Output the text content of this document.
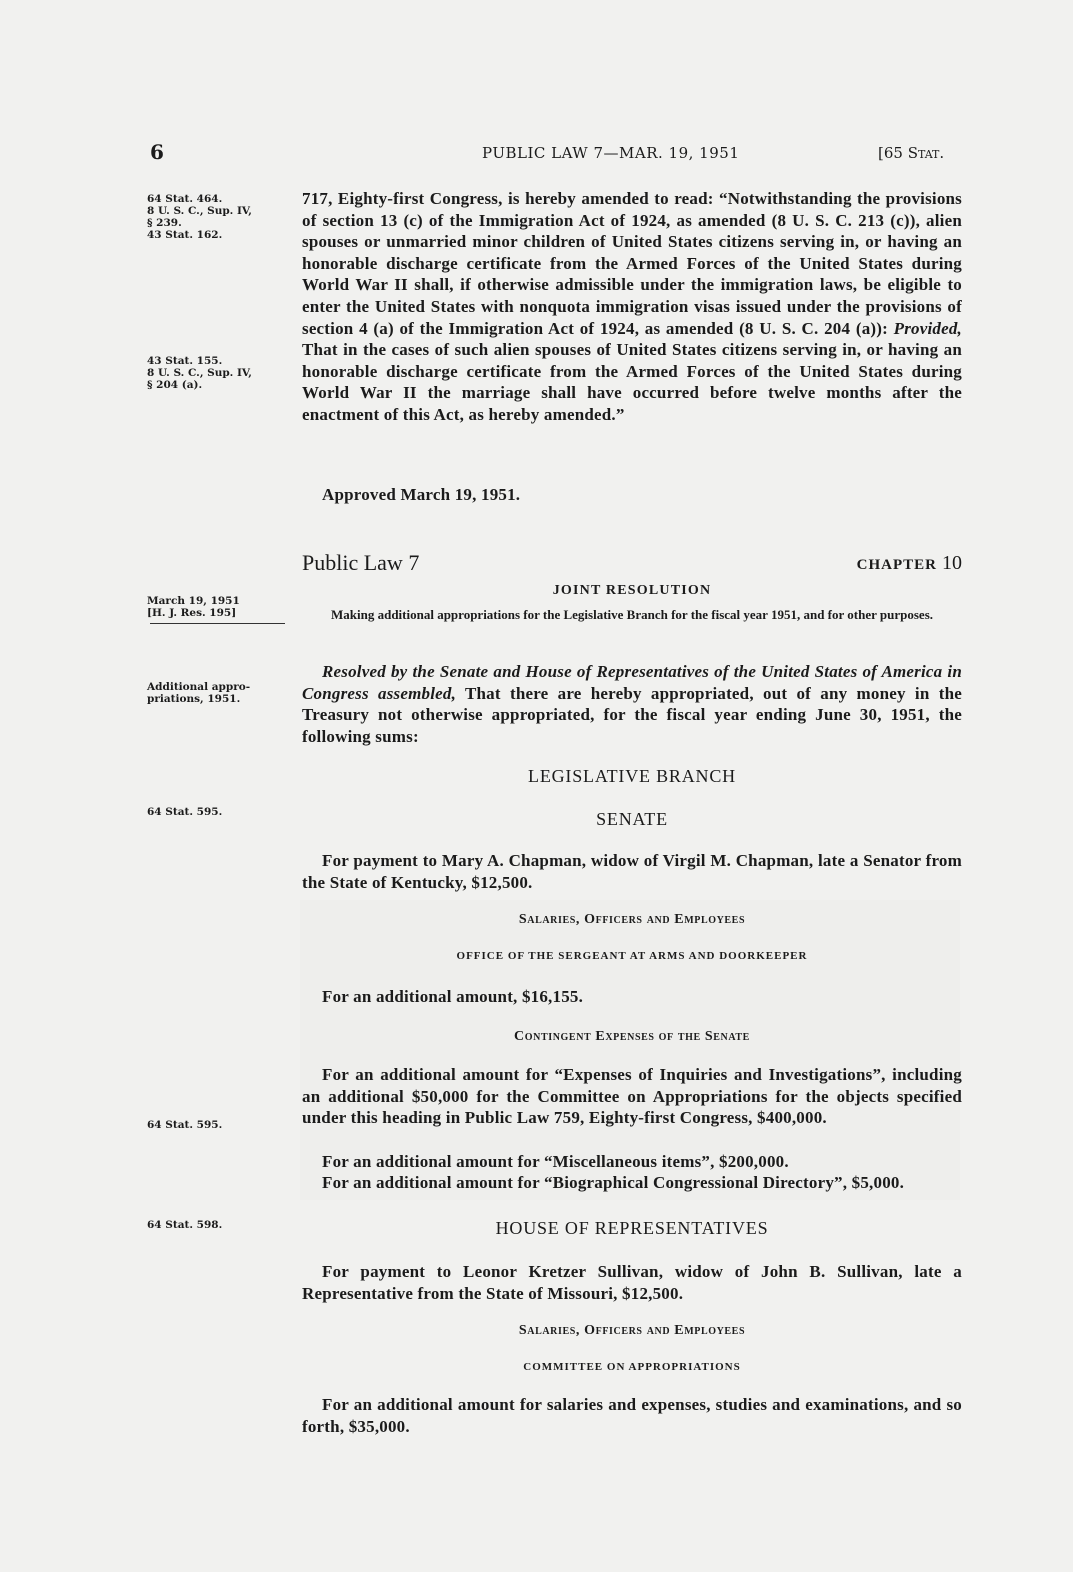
6	PUBLIC LAW 7—MAR. 19, 1951	[65 Stat.
64 Stat. 464.
8 U. S. C., Sup. IV,
§ 239.
43 Stat. 162.
43 Stat. 155.
8 U. S. C., Sup. IV,
§ 204 (a).
March 19, 1951
[H. J. Res. 195]
Additional appro-
priations, 1951.
64 Stat. 595.
64 Stat. 595.
64 Stat. 598.
717, Eighty-first Congress, is hereby amended to read: “Notwithstanding the provisions of section 13 (c) of the Immigration Act of 1924, as amended (8 U. S. C. 213 (c)), alien spouses or unmarried minor children of United States citizens serving in, or having an honorable discharge certificate from the Armed Forces of the United States during World War II shall, if otherwise admissible under the immigration laws, be eligible to enter the United States with nonquota immigration visas issued under the provisions of section 4 (a) of the Immigration Act of 1924, as amended (8 U. S. C. 204 (a)): Provided, That in the cases of such alien spouses of United States citizens serving in, or having an honorable discharge certificate from the Armed Forces of the United States during World War II the marriage shall have occurred before twelve months after the enactment of this Act, as hereby amended.”
Approved March 19, 1951.
Public Law 7	CHAPTER 10
JOINT RESOLUTION
Making additional appropriations for the Legislative Branch for the fiscal year 1951, and for other purposes.
Resolved by the Senate and House of Representatives of the United States of America in Congress assembled, That there are hereby appropriated, out of any money in the Treasury not otherwise appropriated, for the fiscal year ending June 30, 1951, the following sums:
LEGISLATIVE BRANCH
SENATE
For payment to Mary A. Chapman, widow of Virgil M. Chapman, late a Senator from the State of Kentucky, $12,500.
Salaries, Officers and Employees
OFFICE OF THE SERGEANT AT ARMS AND DOORKEEPER
For an additional amount, $16,155.
Contingent Expenses of the Senate
For an additional amount for “Expenses of Inquiries and Investigations”, including an additional $50,000 for the Committee on Appropriations for the objects specified under this heading in Public Law 759, Eighty-first Congress, $400,000.
For an additional amount for “Miscellaneous items”, $200,000.
For an additional amount for “Biographical Congressional Directory”, $5,000.
HOUSE OF REPRESENTATIVES
For payment to Leonor Kretzer Sullivan, widow of John B. Sullivan, late a Representative from the State of Missouri, $12,500.
Salaries, Officers and Employees
COMMITTEE ON APPROPRIATIONS
For an additional amount for salaries and expenses, studies and examinations, and so forth, $35,000.
